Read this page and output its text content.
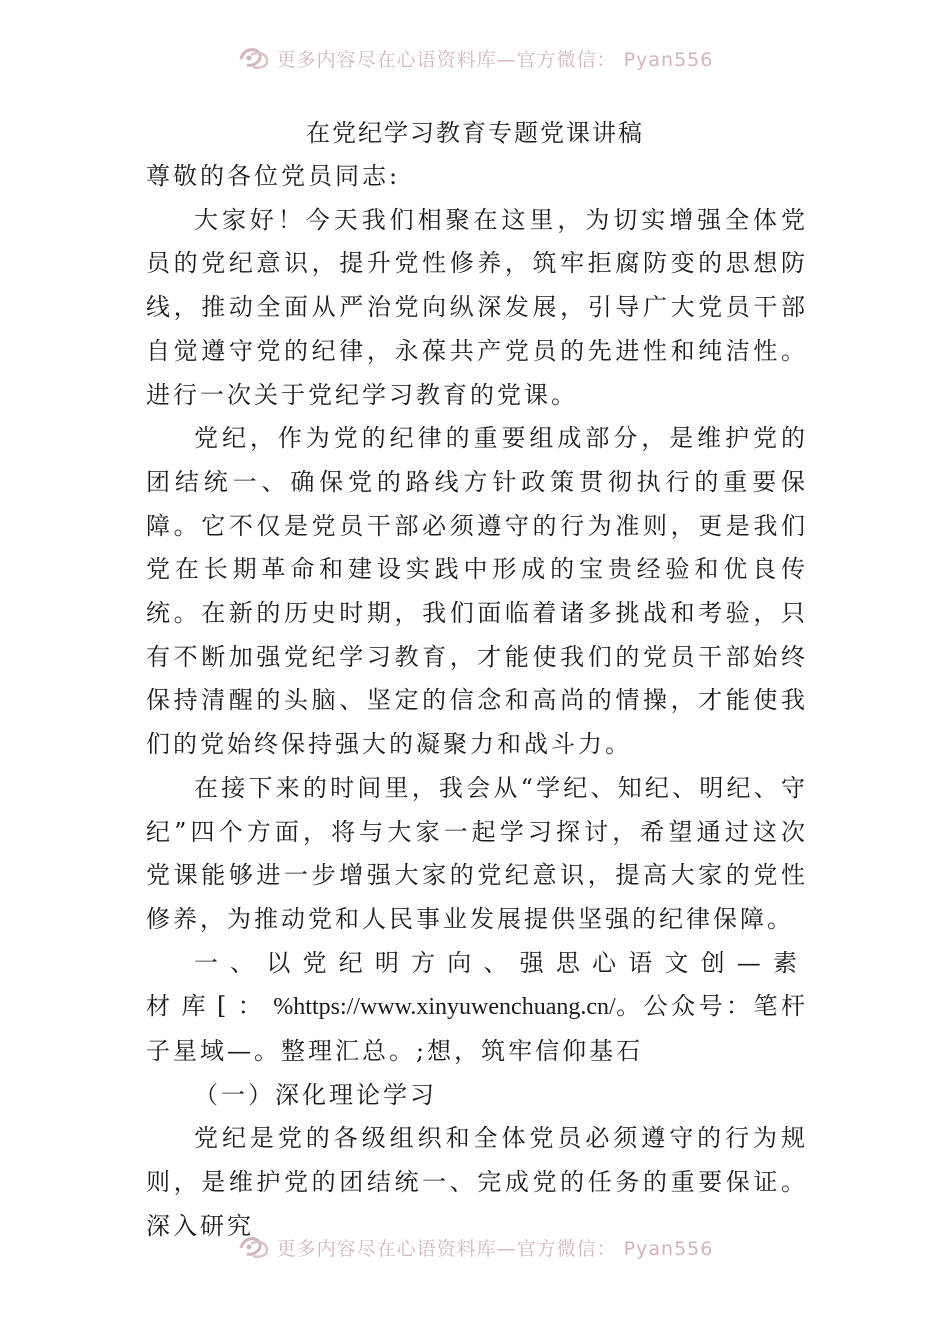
更多内容尽在心语资料库—官方微信： Pyan556
在党纪学习教育专题党课讲稿

尊敬的各位党员同志:

大家好！今天我们相聚在这里，为切实增强全体党员的党纪意识，提升党性修养，筑牢拒腐防变的思想防线，推动全面从严治党向纵深发展，引导广大党员干部自觉遵守党的纪律，永葆共产党员的先进性和纯洁性。进行一次关于党纪学习教育的党课。

党纪，作为党的纪律的重要组成部分，是维护党的团结统一、确保党的路线方针政策贯彻执行的重要保障。它不仅是党员干部必须遵守的行为准则，更是我们党在长期革命和建设实践中形成的宝贵经验和优良传统。在新的历史时期，我们面临着诸多挑战和考验，只有不断加强党纪学习教育，才能使我们的党员干部始终保持清醒的头脑、坚定的信念和高尚的情操，才能使我们的党始终保持强大的凝聚力和战斗力。

在接下来的时间里，我会从“学纪、知纪、明纪、守纪”四个方面，将与大家一起学习探讨，希望通过这次党课能够进一步增强大家的党纪意识，提高大家的党性修养，为推动党和人民事业发展提供坚强的纪律保障。

一、以党纪明方向、强思心语文创—素材库[：%https://www.xinyuwenchuang.cn/。公众号：笔杆子星域—。整理汇总。;想，筑牢信仰基石

（一）深化理论学习

党纪是党的各级组织和全体党员必须遵守的行为规则，是维护党的团结统一、完成党的任务的重要保证。深入研究

更多内容尽在心语资料库—官方微信： Pyan556
